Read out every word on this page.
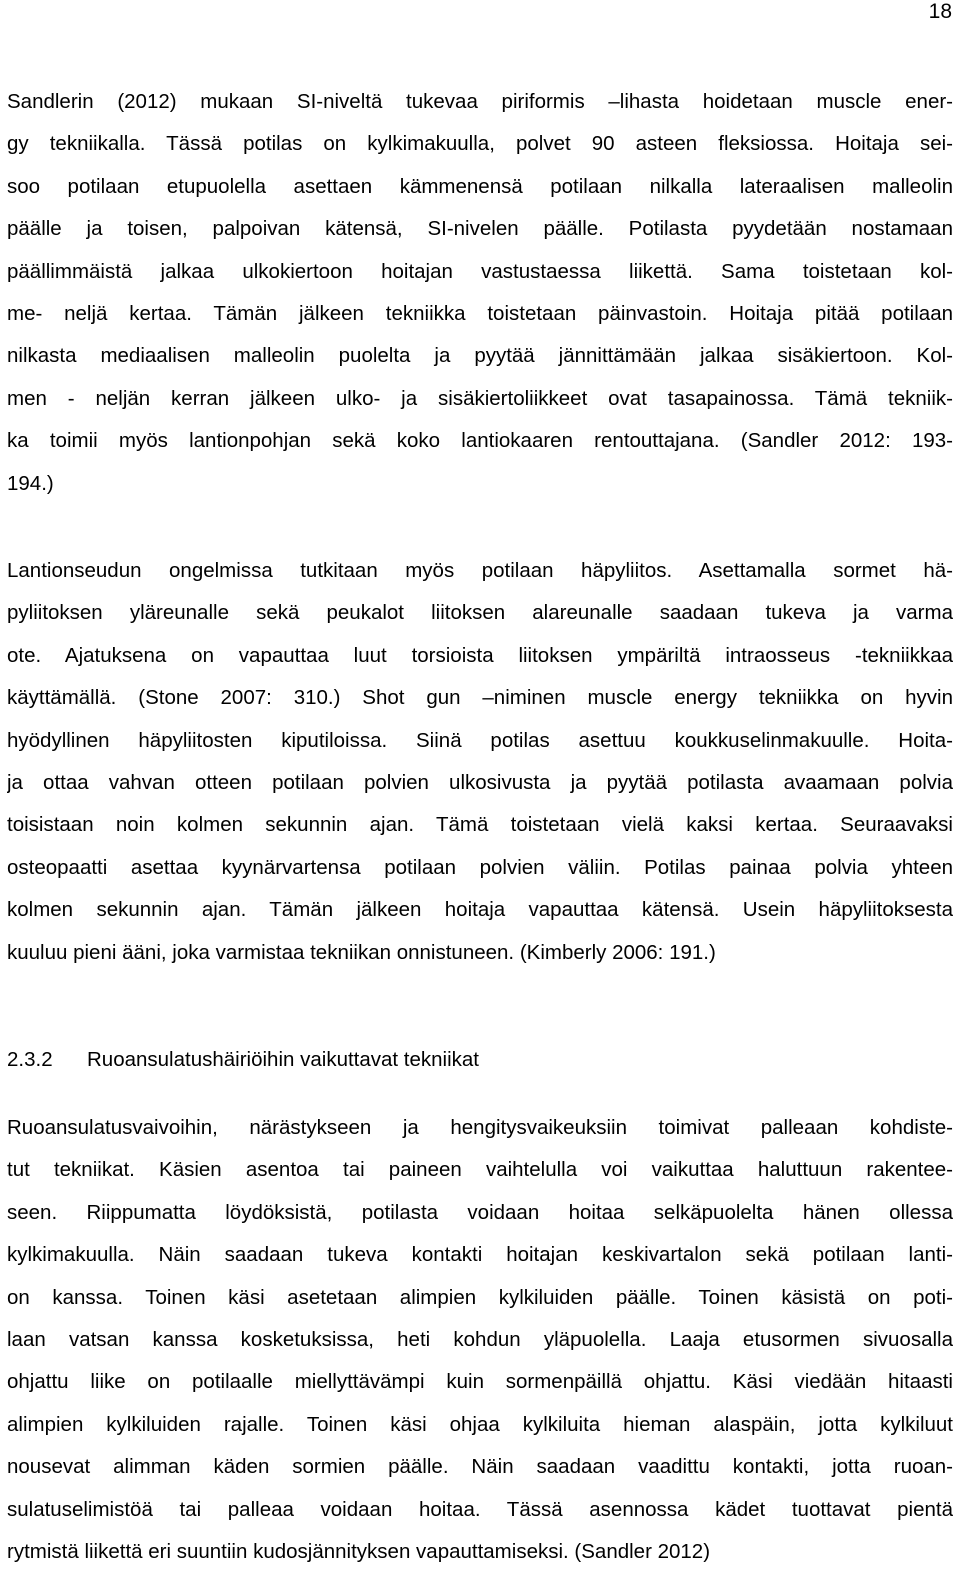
18
Sandlerin (2012) mukaan SI-niveltä tukevaa piriformis –lihasta hoidetaan muscle ener-
gy tekniikalla. Tässä potilas on kylkimakuulla, polvet 90 asteen fleksiossa. Hoitaja sei-
soo potilaan etupuolella asettaen kämmenensä potilaan nilkalla lateraalisen malleolin
päälle ja toisen, palpoivan kätensä, SI-nivelen päälle. Potilasta pyydetään nostamaan
päällimmäistä jalkaa ulkokiertoon hoitajan vastustaessa liikettä. Sama toistetaan kol-
me- neljä kertaa. Tämän jälkeen tekniikka toistetaan päinvastoin. Hoitaja pitää potilaan
nilkasta mediaalisen malleolin puolelta ja pyytää jännittämään jalkaa sisäkiertoon. Kol-
men - neljän kerran jälkeen ulko- ja sisäkiertoliikkeet ovat tasapainossa. Tämä tekniik-
ka toimii myös lantionpohjan sekä koko lantiokaaren rentouttajana. (Sandler 2012: 193-
194.)
Lantionseudun ongelmissa tutkitaan myös potilaan häpyliitos. Asettamalla sormet hä-
pyliitoksen yläreunalle sekä peukalot liitoksen alareunalle saadaan tukeva ja varma
ote. Ajatuksena on vapauttaa luut torsioista liitoksen ympäriltä intraosseus -tekniikkaa
käyttämällä. (Stone 2007: 310.) Shot gun –niminen muscle energy tekniikka on hyvin
hyödyllinen häpyliitosten kiputiloissa. Siinä potilas asettuu koukkuselinmakuulle. Hoita-
ja ottaa vahvan otteen potilaan polvien ulkosivusta ja pyytää potilasta avaamaan polvia
toisistaan noin kolmen sekunnin ajan. Tämä toistetaan vielä kaksi kertaa. Seuraavaksi
osteopaatti asettaa kyynärvartensa potilaan polvien väliin. Potilas painaa polvia yhteen
kolmen sekunnin ajan. Tämän jälkeen hoitaja vapauttaa kätensä. Usein häpyliitoksesta
kuuluu pieni ääni, joka varmistaa tekniikan onnistuneen. (Kimberly 2006: 191.)
2.3.2 Ruoansulatushäiriöihin vaikuttavat tekniikat
Ruoansulatusvaivoihin, närästykseen ja hengitysvaikeuksiin toimivat palleaan kohdiste-
tut tekniikat. Käsien asentoa tai paineen vaihtelulla voi vaikuttaa haluttuun rakentee-
seen. Riippumatta löydöksistä, potilasta voidaan hoitaa selkäpuolelta hänen ollessa
kylkimakuulla. Näin saadaan tukeva kontakti hoitajan keskivartalon sekä potilaan lanti-
on kanssa. Toinen käsi asetetaan alimpien kylkiluiden päälle. Toinen käsistä on poti-
laan vatsan kanssa kosketuksissa, heti kohdun yläpuolella. Laaja etusormen sivuosalla
ohjattu liike on potilaalle miellyttävämpi kuin sormenpäillä ohjattu. Käsi viedään hitaasti
alimpien kylkiluiden rajalle. Toinen käsi ohjaa kylkiluita hieman alaspäin, jotta kylkiluut
nousevat alimman käden sormien päälle. Näin saadaan vaadittu kontakti, jotta ruoan-
sulatuselimistöä tai palleaa voidaan hoitaa. Tässä asennossa kädet tuottavat pientä
rytmistä liikettä eri suuntiin kudosjännityksen vapauttamiseksi. (Sandler 2012)
